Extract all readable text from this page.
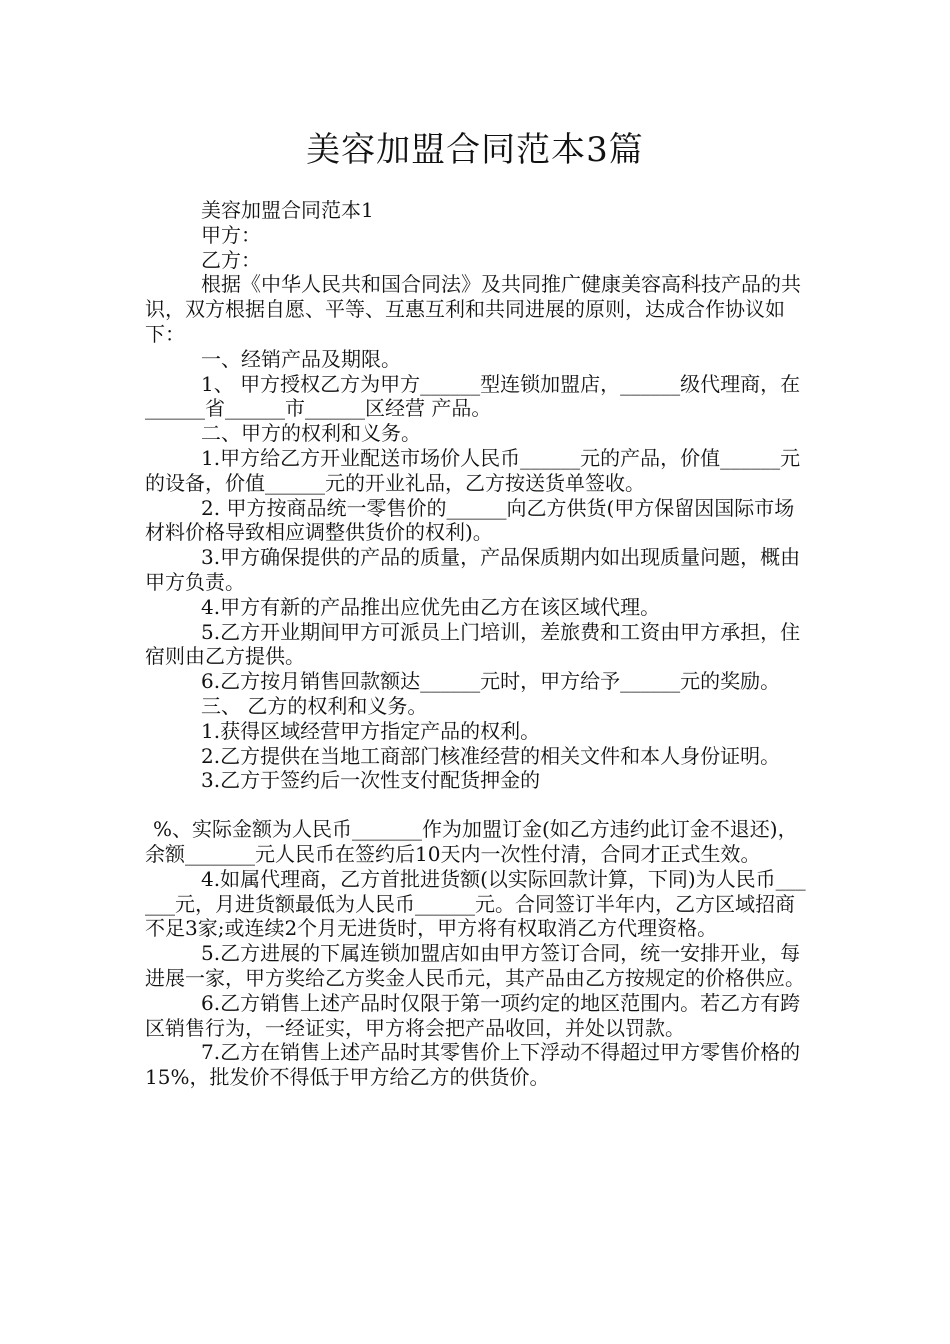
美容加盟合同范本3篇

美容加盟合同范本1

甲方：

乙方：

根据《中华人民共和国合同法》及共同推广健康美容高科技产品的共识，双方根据自愿、平等、互惠互利和共同进展的原则，达成合作协议如下：

一、经销产品及期限。

1、 甲方授权乙方为甲方______型连锁加盟店，______级代理商，在______省______市______区经营 产品。

二、甲方的权利和义务。

1.甲方给乙方开业配送市场价人民币______元的产品，价值______元的设备，价值______元的开业礼品，乙方按送货单签收。

2. 甲方按商品统一零售价的______向乙方供货(甲方保留因国际市场材料价格导致相应调整供货价的权利)。

3.甲方确保提供的产品的质量，产品保质期内如出现质量问题，概由甲方负责。

4.甲方有新的产品推出应优先由乙方在该区域代理。

5.乙方开业期间甲方可派员上门培训，差旅费和工资由甲方承担，住宿则由乙方提供。

6.乙方按月销售回款额达______元时，甲方给予______元的奖励。

三、 乙方的权利和义务。

1.获得区域经营甲方指定产品的权利。

2.乙方提供在当地工商部门核准经营的相关文件和本人身份证明。

3.乙方于签约后一次性支付配货押金的

%、实际金额为人民币_______作为加盟订金(如乙方违约此订金不退还)，余额_______元人民币在签约后10天内一次性付清，合同才正式生效。

4.如属代理商，乙方首批进货额(以实际回款计算，下同)为人民币______元，月进货额最低为人民币______元。合同签订半年内，乙方区域招商不足3家;或连续2个月无进货时，甲方将有权取消乙方代理资格。

5.乙方进展的下属连锁加盟店如由甲方签订合同，统一安排开业，每进展一家，甲方奖给乙方奖金人民币元，其产品由乙方按规定的价格供应。

6.乙方销售上述产品时仅限于第一项约定的地区范围内。若乙方有跨区销售行为，一经证实，甲方将会把产品收回，并处以罚款。

7.乙方在销售上述产品时其零售价上下浮动不得超过甲方零售价格的15%，批发价不得低于甲方给乙方的供货价。
